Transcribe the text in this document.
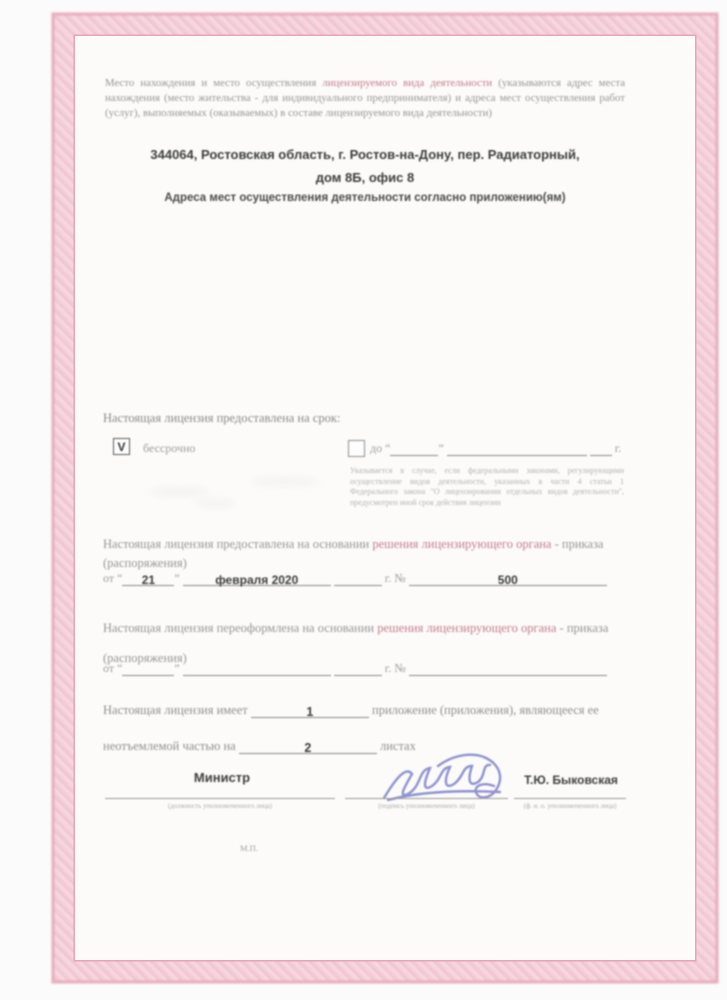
Место нахождения и место осуществления лицензируемого вида деятельности (указываются адрес места нахождения (место жительства - для индивидуального предпринимателя) и адреса мест осуществления работ (услуг), выполняемых (оказываемых) в составе лицензируемого вида деятельности)
344064, Ростовская область, г. Ростов-на-Дону, пер. Радиаторный,
дом 8Б, офис 8
Адреса мест осуществления деятельности согласно приложению(ям)
Настоящая лицензия предоставлена на срок:
V бессрочно	до “	”	г.
Указывается в случае, если федеральными законами, регулирующими осуществление видов деятельности, указанных в части 4 статьи 1 Федерального закона "О лицензировании отдельных видов деятельности", предусмотрен иной срок действия лицензии
Настоящая лицензия предоставлена на основании решения лицензирующего органа - приказа (распоряжения)
от “ 21 ”	февраля 2020	г. №	500
Настоящая лицензия переоформлена на основании решения лицензирующего органа - приказа (распоряжения)
от “	”	г. №
Настоящая лицензия имеет	1	приложение (приложения), являющееся ее
неотъемлемой частью на	2	листах
Министр	Т.Ю. Быковская
(должность уполномоченного лица)	(подпись уполномоченного лица)	(ф. и. о. уполномоченного лица)
М.П.
